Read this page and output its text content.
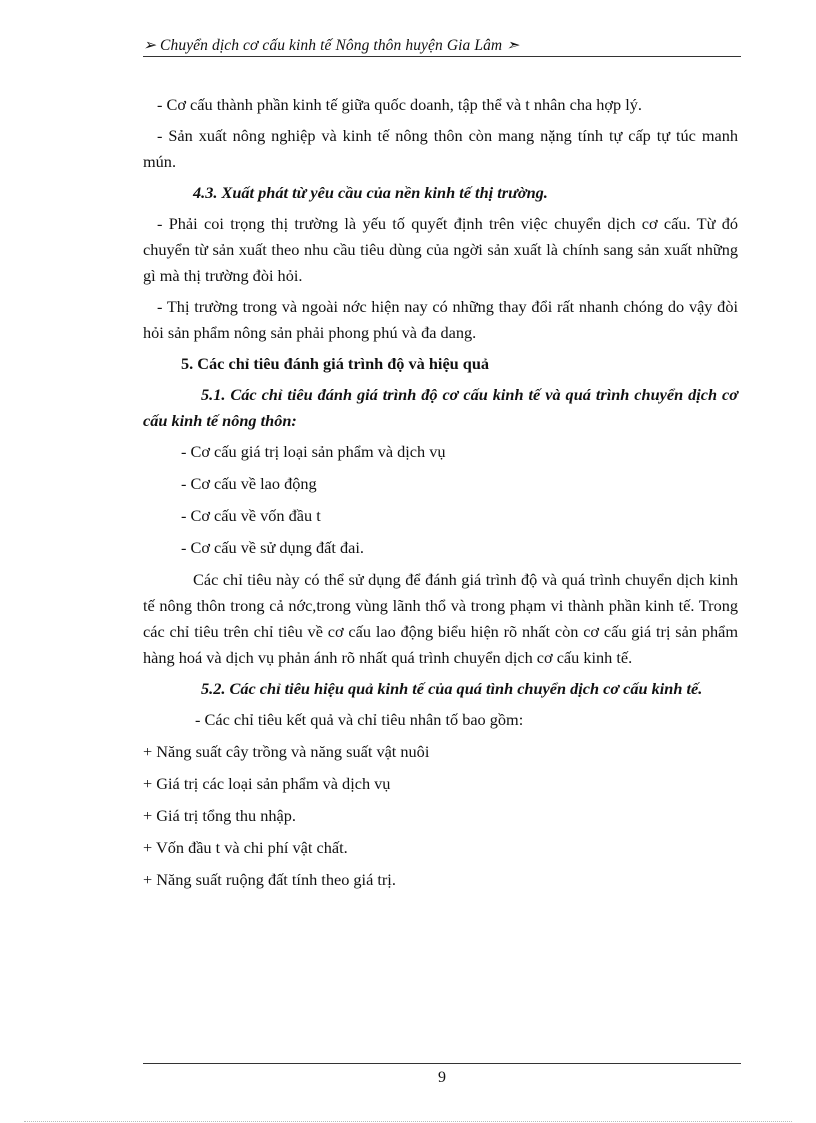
➢ Chuyển dịch cơ cấu kinh tế Nông thôn huyện Gia Lâm ➣

- Cơ cấu thành phần kinh tế giữa quốc doanh, tập thể và t nhân cha hợp lý.

- Sản xuất nông nghiệp và kinh tế nông thôn còn mang nặng tính tự cấp tự túc manh mún.

4.3. Xuất phát từ yêu cầu của nền kinh tế thị trường.

- Phải coi trọng thị trường là yếu tố quyết định trên việc chuyển dịch cơ cấu. Từ đó chuyển từ sản xuất theo nhu cầu tiêu dùng của ngời sản xuất là chính sang sản xuất những gì mà thị trường đòi hỏi.

- Thị trường trong và ngoài nớc hiện nay có những thay đổi rất nhanh chóng do vậy đòi hỏi sản phẩm nông sản phải phong phú và đa dang.

5. Các chỉ tiêu đánh giá trình độ và hiệu quả

5.1. Các chỉ tiêu đánh giá trình độ cơ cấu kinh tế và quá trình chuyển dịch cơ cấu kinh tế nông thôn:

- Cơ cấu giá trị loại sản phẩm và dịch vụ

- Cơ cấu về lao động

- Cơ cấu về vốn đầu t

- Cơ cấu về sử dụng đất đai.

Các chỉ tiêu này có thể sử dụng để đánh giá trình độ và quá trình chuyển dịch kinh tế nông thôn trong cả nớc,trong vùng lãnh thổ và trong phạm vi thành phần kinh tế. Trong các chỉ tiêu trên chỉ tiêu về cơ cấu lao động biểu hiện rõ nhất còn cơ cấu giá trị sản phẩm hàng hoá và dịch vụ phản ánh rõ nhất quá trình chuyển dịch cơ cấu kinh tế.

5.2. Các chỉ tiêu hiệu quả kinh tế của quá tình chuyển dịch cơ cấu kinh tế.

- Các chỉ tiêu kết quả và chỉ tiêu nhân tố bao gồm:

+ Năng suất cây trồng và năng suất vật nuôi

+ Giá trị các loại sản phẩm và dịch vụ

+ Giá trị tổng thu nhập.

+ Vốn đầu t và chi phí vật chất.

+ Năng suất ruộng đất tính theo giá trị.

9
